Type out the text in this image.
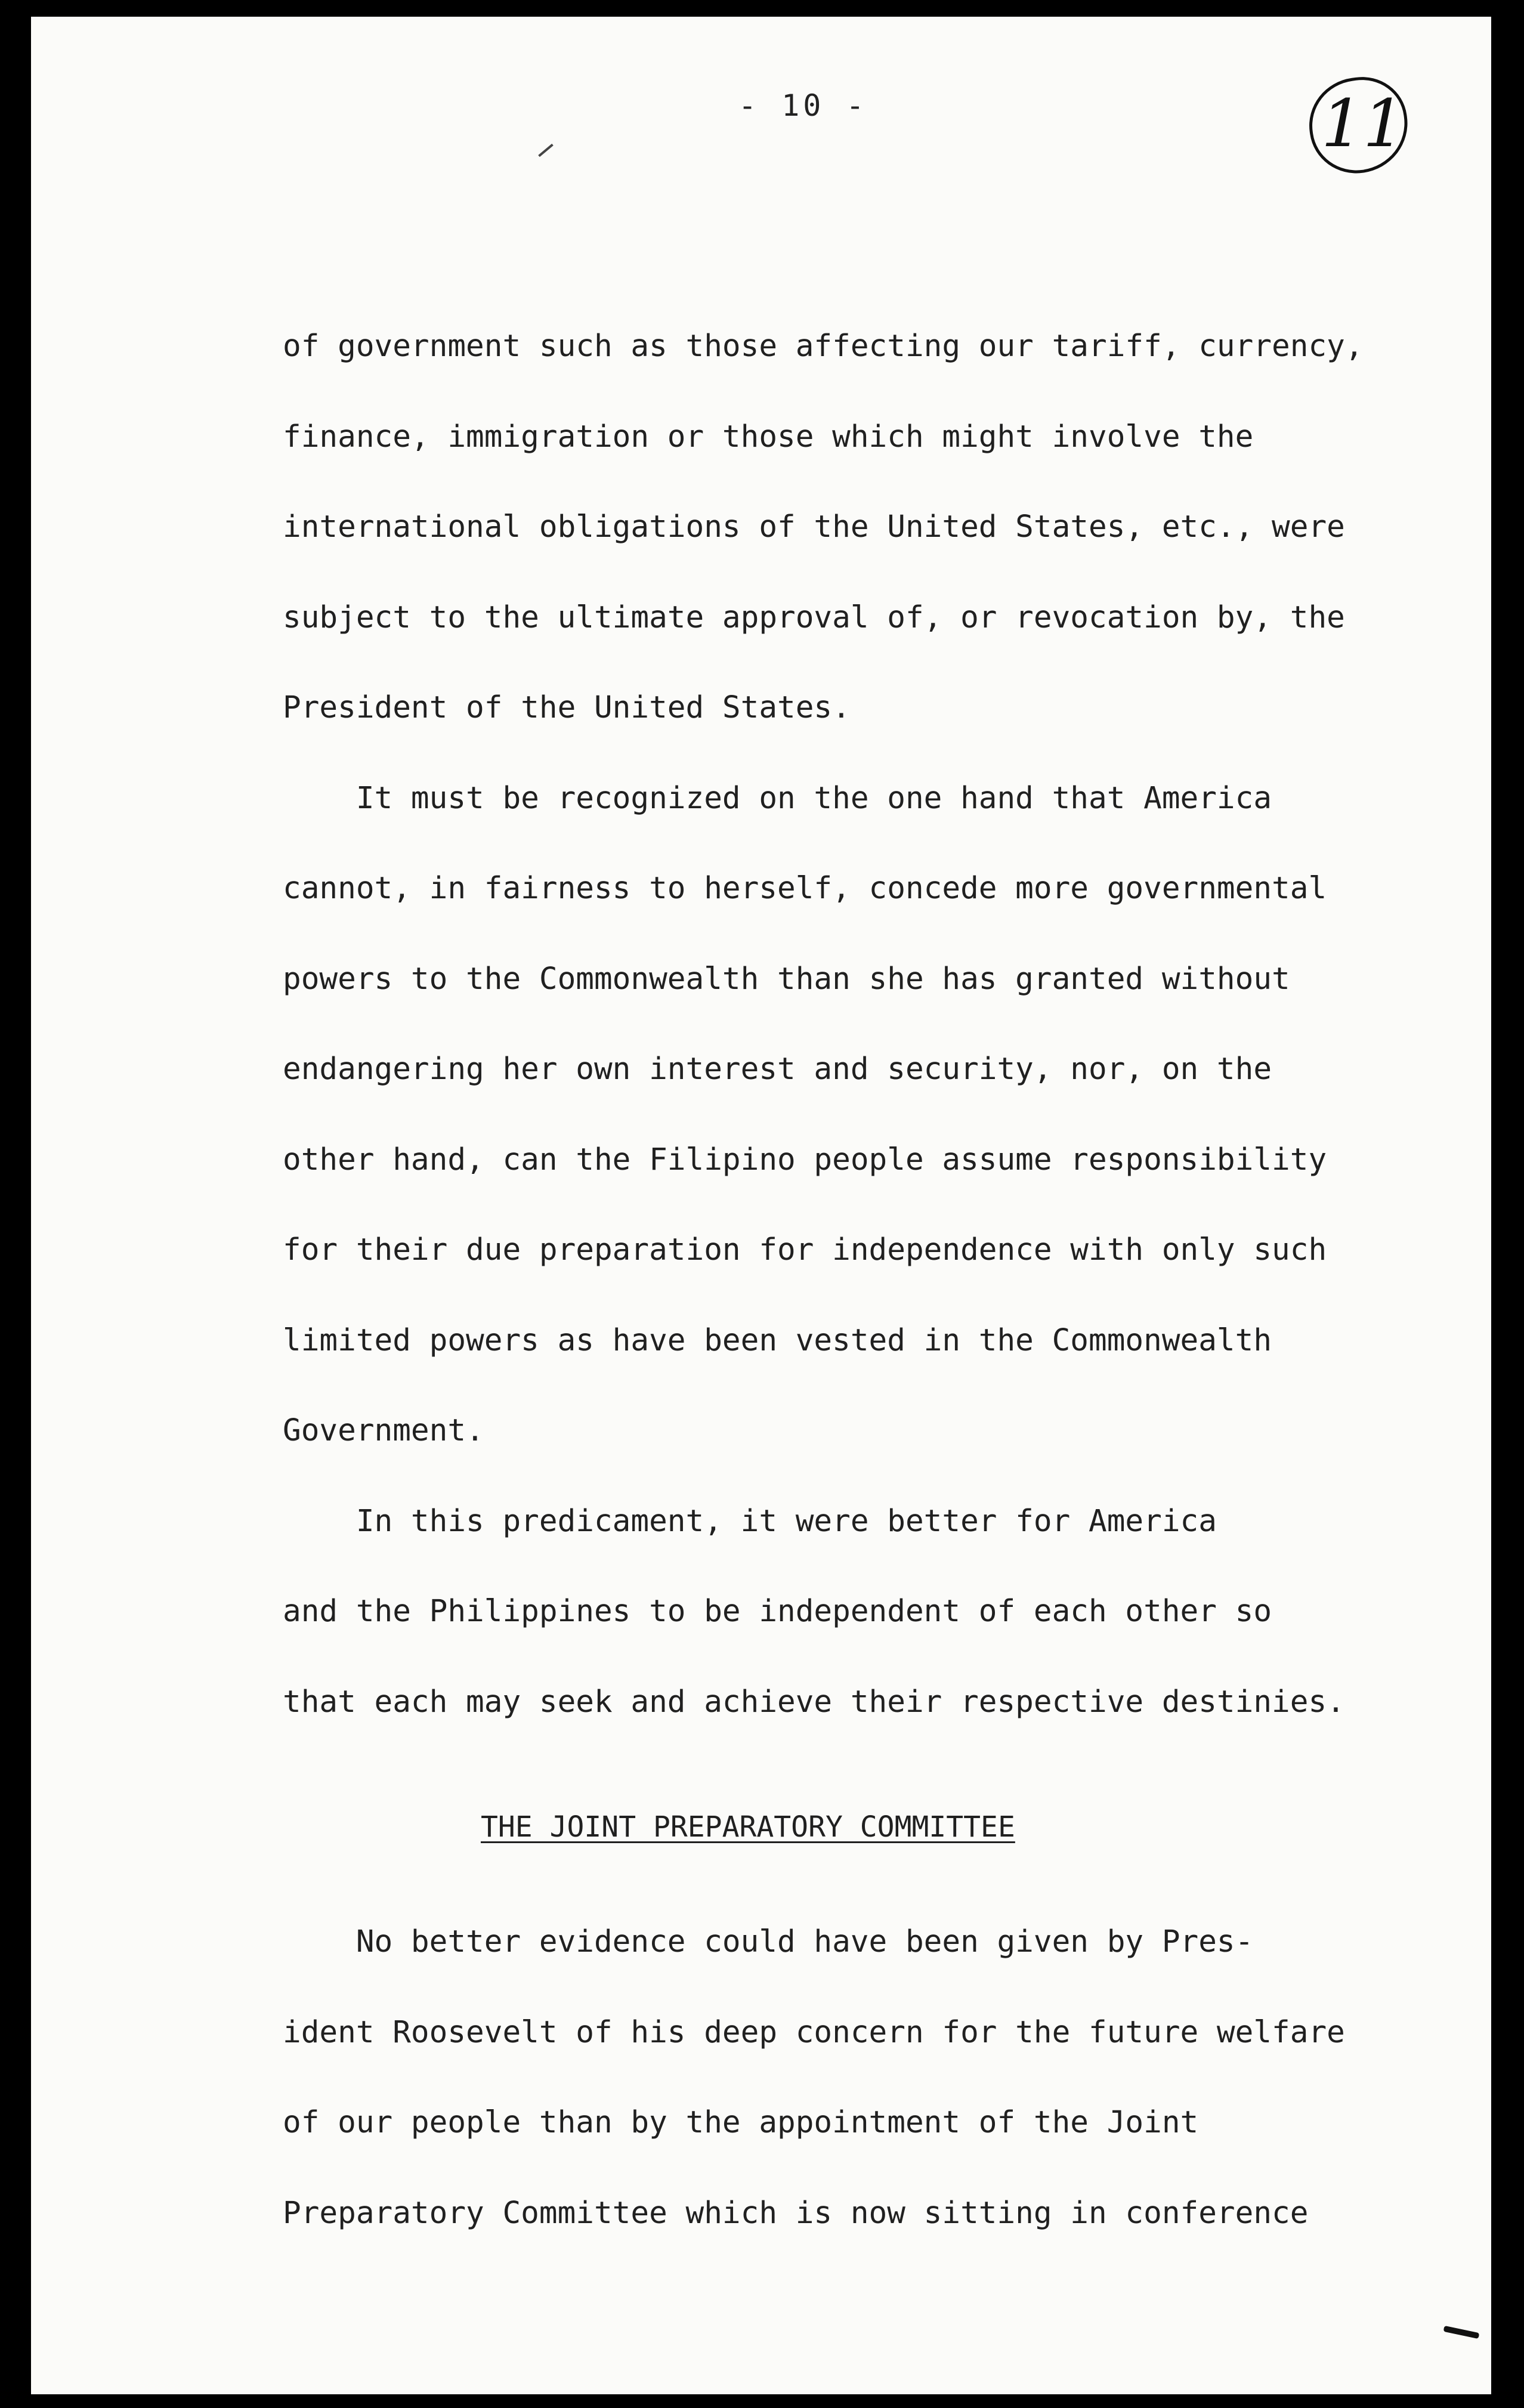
- 10 -	11

of government such as those affecting our tariff, currency,

finance, immigration or those which might involve the

international obligations of the United States, etc., were

subject to the ultimate approval of, or revocation by, the

President of the United States.

It must be recognized on the one hand that America

cannot, in fairness to herself, concede more governmental

powers to the Commonwealth than she has granted without

endangering her own interest and security, nor, on the

other hand, can the Filipino people assume responsibility

for their due preparation for independence with only such

limited powers as have been vested in the Commonwealth

Government.

In this predicament, it were better for America

and the Philippines to be independent of each other so

that each may seek and achieve their respective destinies.

THE JOINT PREPARATORY COMMITTEE

No better evidence could have been given by Pres-

ident Roosevelt of his deep concern for the future welfare

of our people than by the appointment of the Joint

Preparatory Committee which is now sitting in conference
